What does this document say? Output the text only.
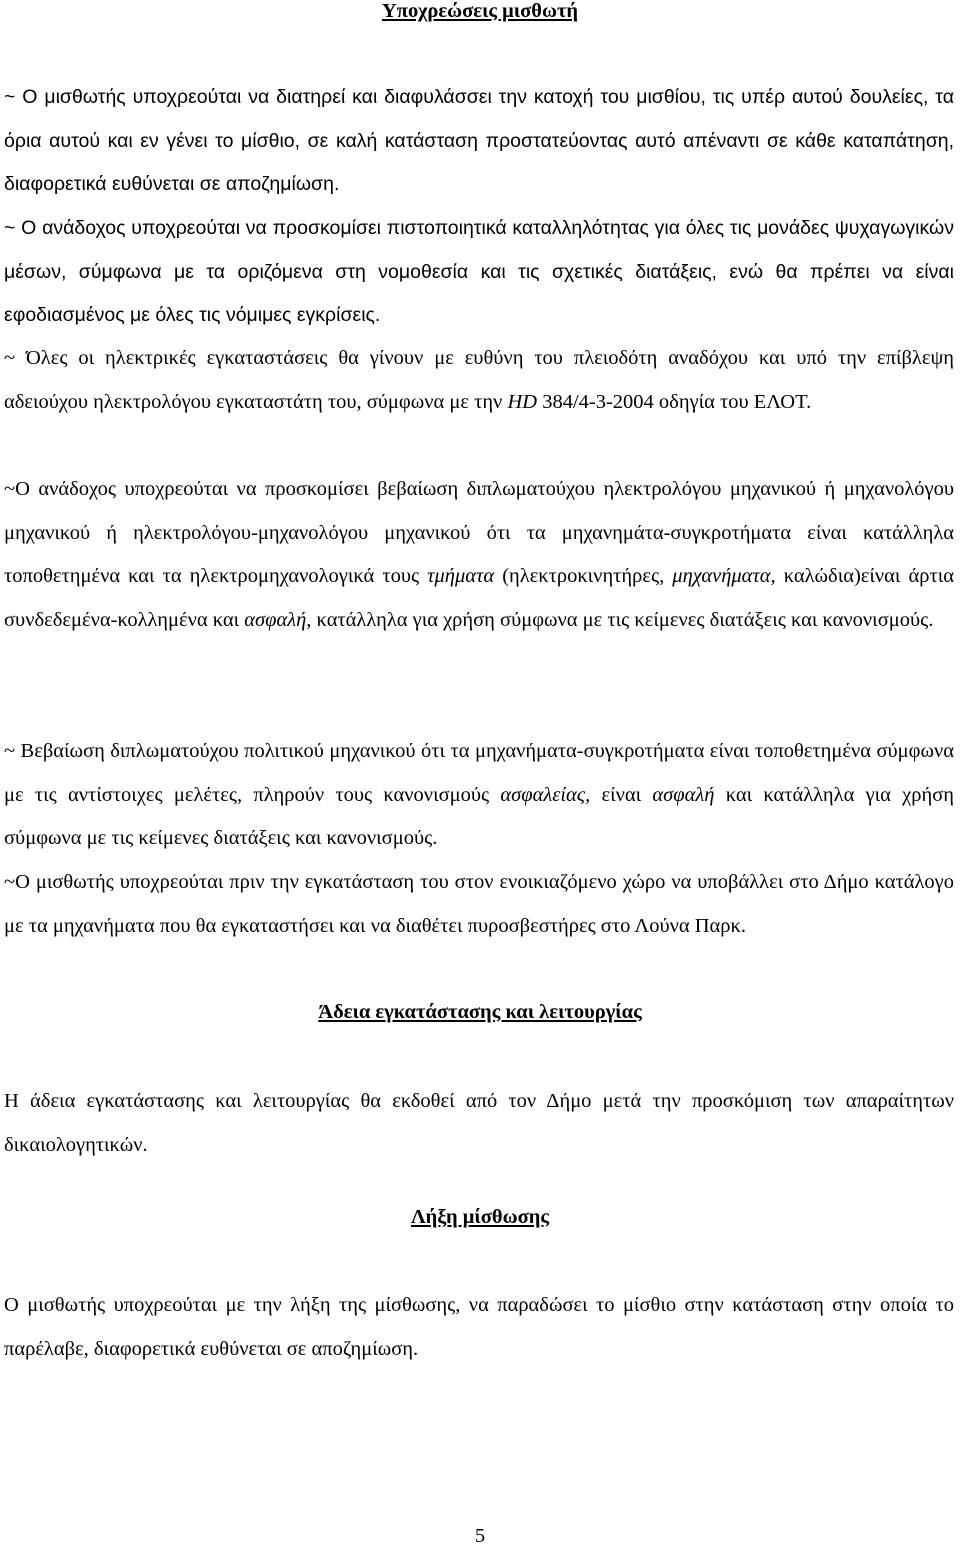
Υποχρεώσεις μισθωτή
~ Ο μισθωτής υποχρεούται να διατηρεί και διαφυλάσσει την κατοχή του μισθίου, τις υπέρ αυτού δουλείες, τα όρια αυτού και εν γένει το μίσθιο, σε καλή κατάσταση προστατεύοντας αυτό απέναντι σε κάθε καταπάτηση, διαφορετικά ευθύνεται σε αποζημίωση.
~ Ο ανάδοχος υποχρεούται να προσκομίσει πιστοποιητικά καταλληλότητας για όλες τις μονάδες ψυχαγωγικών μέσων, σύμφωνα με τα οριζόμενα στη νομοθεσία και τις σχετικές διατάξεις, ενώ θα πρέπει να είναι εφοδιασμένος με όλες τις νόμιμες εγκρίσεις.
~ Όλες οι ηλεκτρικές εγκαταστάσεις θα γίνουν με ευθύνη του πλειοδότη αναδόχου και υπό την επίβλεψη αδειούχου ηλεκτρολόγου εγκαταστάτη του, σύμφωνα με την HD 384/4-3-2004 οδηγία του ΕΛΟΤ.
~Ο ανάδοχος υποχρεούται να προσκομίσει βεβαίωση διπλωματούχου ηλεκτρολόγου μηχανικού ή μηχανολόγου μηχανικού ή ηλεκτρολόγου-μηχανολόγου μηχανικού ότι τα μηχανημάτα-συγκροτήματα είναι κατάλληλα τοποθετημένα και τα ηλεκτρομηχανολογικά τους τμήματα (ηλεκτροκινητήρες, μηχανήματα, καλώδια)είναι άρτια συνδεδεμένα-κολλημένα και ασφαλή, κατάλληλα για χρήση σύμφωνα με τις κείμενες διατάξεις και κανονισμούς.
~ Βεβαίωση διπλωματούχου πολιτικού μηχανικού ότι τα μηχανήματα-συγκροτήματα είναι τοποθετημένα σύμφωνα με τις αντίστοιχες μελέτες, πληρούν τους κανονισμούς ασφαλείας, είναι ασφαλή και κατάλληλα για χρήση σύμφωνα με τις κείμενες διατάξεις και κανονισμούς.
~Ο μισθωτής υποχρεούται πριν την εγκατάσταση του στον ενοικιαζόμενο χώρο να υποβάλλει στο Δήμο κατάλογο με τα μηχανήματα που θα εγκαταστήσει και να διαθέτει πυροσβεστήρες στο Λούνα Παρκ.
Άδεια εγκατάστασης και λειτουργίας
Η άδεια εγκατάστασης και λειτουργίας θα εκδοθεί από τον Δήμο μετά την προσκόμιση των απαραίτητων δικαιολογητικών.
Λήξη μίσθωσης
Ο μισθωτής υποχρεούται με την λήξη της μίσθωσης, να παραδώσει το μίσθιο στην κατάσταση στην οποία το παρέλαβε, διαφορετικά ευθύνεται σε αποζημίωση.
5
